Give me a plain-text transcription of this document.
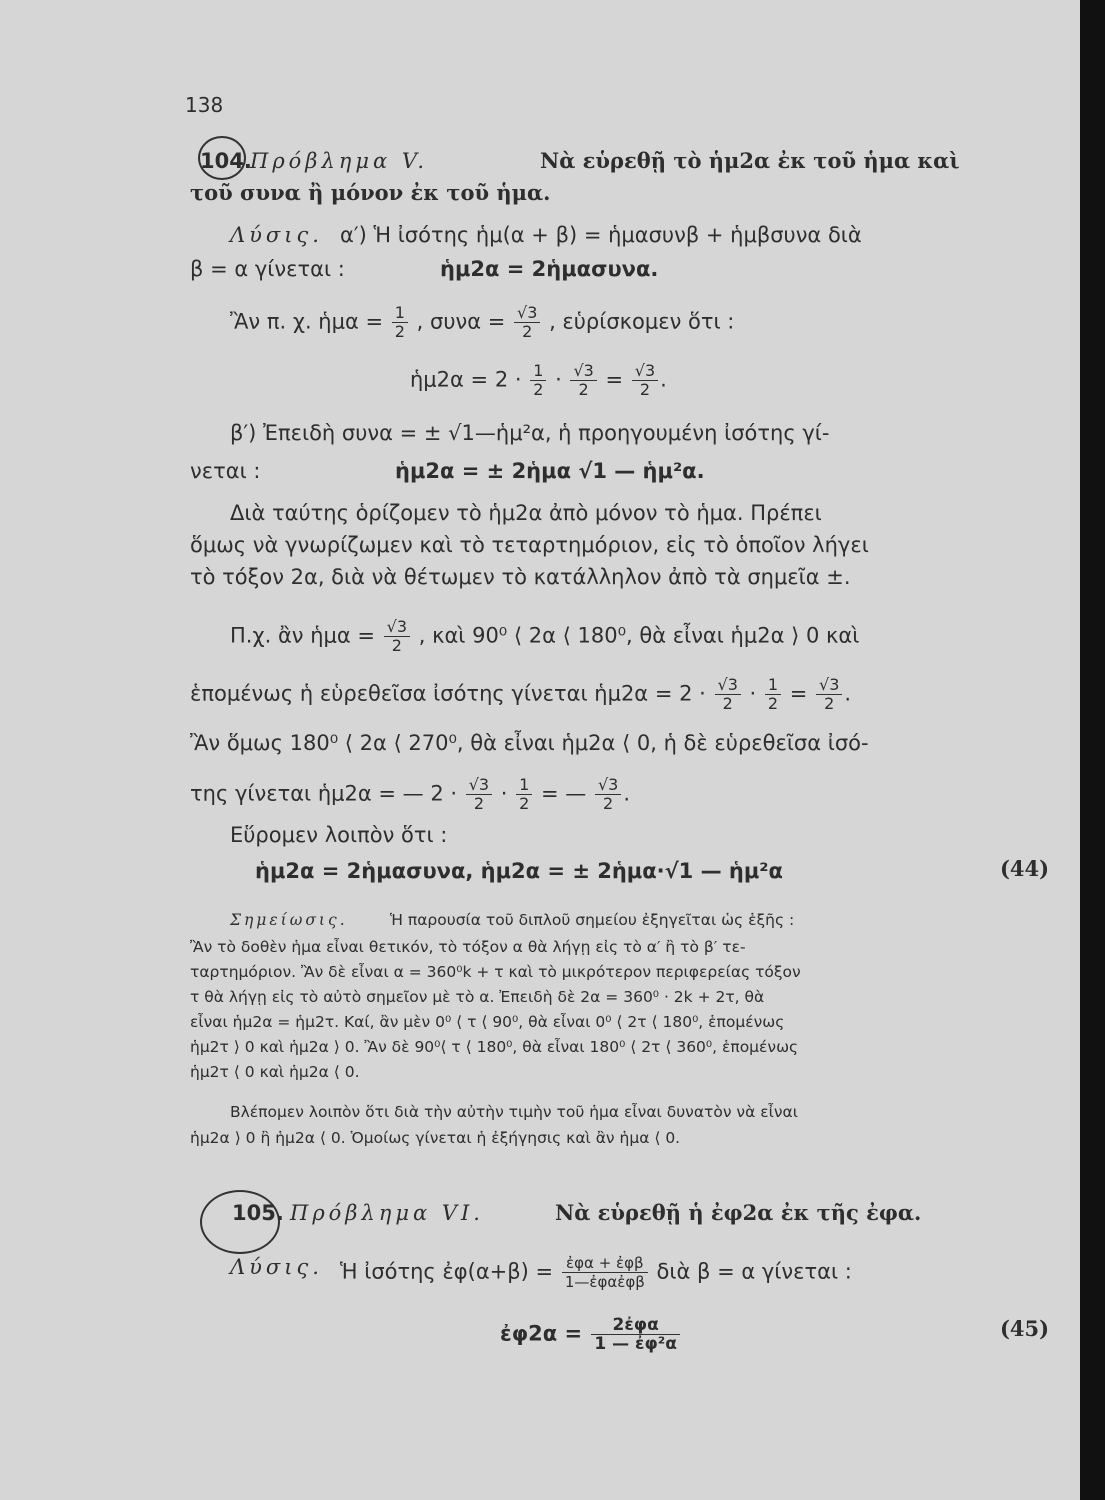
138
104.
Πρόβλημα V.	Νὰ εὑρεθῇ τὸ ἡμ2α ἐκ τοῦ ἡμα καὶ
τοῦ συνα ἢ μόνον ἐκ τοῦ ἡμα.
Λύσις. α′) Ἡ ἰσότης ἡμ(α + β) = ἡμασυνβ + ἡμβσυνα διὰ
β = α γίνεται :	ἡμ2α = 2ἡμασυνα.
Ἂν π. χ. ἡμα = $\frac{1}{2}$ , $\sigma\upsilon\nu\alpha = \frac{√3}{2}$ , εὑρίσκομεν ὅτι :
ἡμ2α = $2 \cdot \frac{1}{2} \cdot \frac{√3}{2} = \frac{√3}{2}$ .
β′) Ἐπειδὴ συνα = ± √1—ἡμ²α, ἡ προηγουμένη ἰσότης γί-
νεται :	ἡμ2α = ± 2ἡμα √1 — ἡμ²α.
Διὰ ταύτης ὁρίζομεν τὸ ἡμ2α ἀπὸ μόνον τὸ ἡμα. Πρέπει
ὅμως νὰ γνωρίζωμεν καὶ τὸ τεταρτημόριον, εἰς τὸ ὁποῖον λήγει
τὸ τόξον 2α, διὰ νὰ θέτωμεν τὸ κατάλληλον ἀπὸ τὰ σημεῖα ±.
Π.χ. ἂν ἡμα = $\frac{√3}{2}$ , καὶ 90⁰ ⟨ 2α ⟨ 180⁰, θὰ εἶναι ἡμ2α ⟩ 0 καὶ
ἑπομένως ἡ εὑρεθεῖσα ἰσότης γίνεται ἡμ2α = $2 \cdot \frac{√3}{2} \cdot \frac{1}{2} = \frac{√3}{2}$ .
Ἂν ὅμως 180⁰ ⟨ 2α ⟨ 270⁰, θὰ εἶναι ἡμ2α ⟨ 0, ἡ δὲ εὑρεθεῖσα ἰσό-
της γίνεται ἡμ2α = — $2 \cdot \frac{√3}{2} \cdot \frac{1}{2}$ = — $\frac{√3}{2}$ .
Εὕρομεν λοιπὸν ὅτι :
ἡμ2α = 2ἡμασυνα, ἡμ2α = ± 2ἡμα·√1 — ἡμ²α	(44)
Σημείωσις.	Ἡ παρουσία τοῦ διπλοῦ σημείου ἐξηγεῖται ὡς ἑξῆς :
Ἂν τὸ δοθὲν ἡμα εἶναι θετικόν, τὸ τόξον α θὰ λήγῃ εἰς τὸ α′ ἢ τὸ β′ τε-
ταρτημόριον. Ἂν δὲ εἶναι α = 360⁰k + τ καὶ τὸ μικρότερον περιφερείας τόξον
τ θὰ λήγῃ εἰς τὸ αὐτὸ σημεῖον μὲ τὸ α. Ἐπειδὴ δὲ 2α = 360⁰ · 2k + 2τ, θὰ
εἶναι ἡμ2α = ἡμ2τ. Καί, ἂν μὲν 0⁰ ⟨ τ ⟨ 90⁰, θὰ εἶναι 0⁰ ⟨ 2τ ⟨ 180⁰, ἑπομένως
ἡμ2τ ⟩ 0 καὶ ἡμ2α ⟩ 0. Ἂν δὲ 90⁰⟨ τ ⟨ 180⁰, θὰ εἶναι 180⁰ ⟨ 2τ ⟨ 360⁰, ἑπομένως
ἡμ2τ ⟨ 0 καὶ ἡμ2α ⟨ 0.
Βλέπομεν λοιπὸν ὅτι διὰ τὴν αὐτὴν τιμὴν τοῦ ἡμα εἶναι δυνατὸν νὰ εἶναι
ἡμ2α ⟩ 0 ἢ ἡμ2α ⟨ 0. Ὁμοίως γίνεται ἡ ἐξήγησις καὶ ἂν ἡμα ⟨ 0.
105. Πρόβλημα VI.	Νὰ εὑρεθῇ ἡ ἐφ2α ἐκ τῆς ἐφα.
Λύσις. Ἡ ἰσότης ἐφ(α+β) = $\frac{\text{ἐφα + ἐφβ}}{\text{1—ἐφαἐφβ}}$ διὰ β = α γίνεται :
ἐφ2α = $\frac{\text{2ἐφα}}{\text{1 — ἐφ²α}}$	(45)
